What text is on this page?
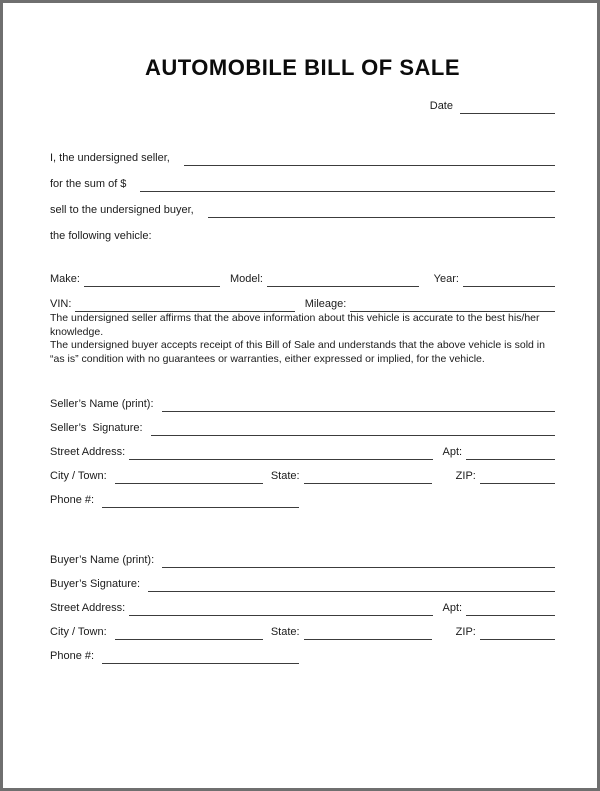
AUTOMOBILE BILL OF SALE
Date
I, the undersigned seller,
for the sum of $
sell to the undersigned buyer,
the following vehicle:
Make:	Model:	Year:
VIN:	Mileage:

The undersigned seller affirms that the above information about this vehicle is accurate to the best his/her knowledge.

The undersigned buyer accepts receipt of this Bill of Sale and understands that the above vehicle is sold in “as is” condition with no guarantees or warranties, either expressed or implied, for the vehicle.

Seller’s Name (print):
Seller’s  Signature:
Street Address:	Apt:
City / Town:	State:	ZIP:
Phone #:
Buyer’s Name (print):
Buyer’s Signature:
Street Address:	Apt:
City / Town:	State:	ZIP:
Phone #:
